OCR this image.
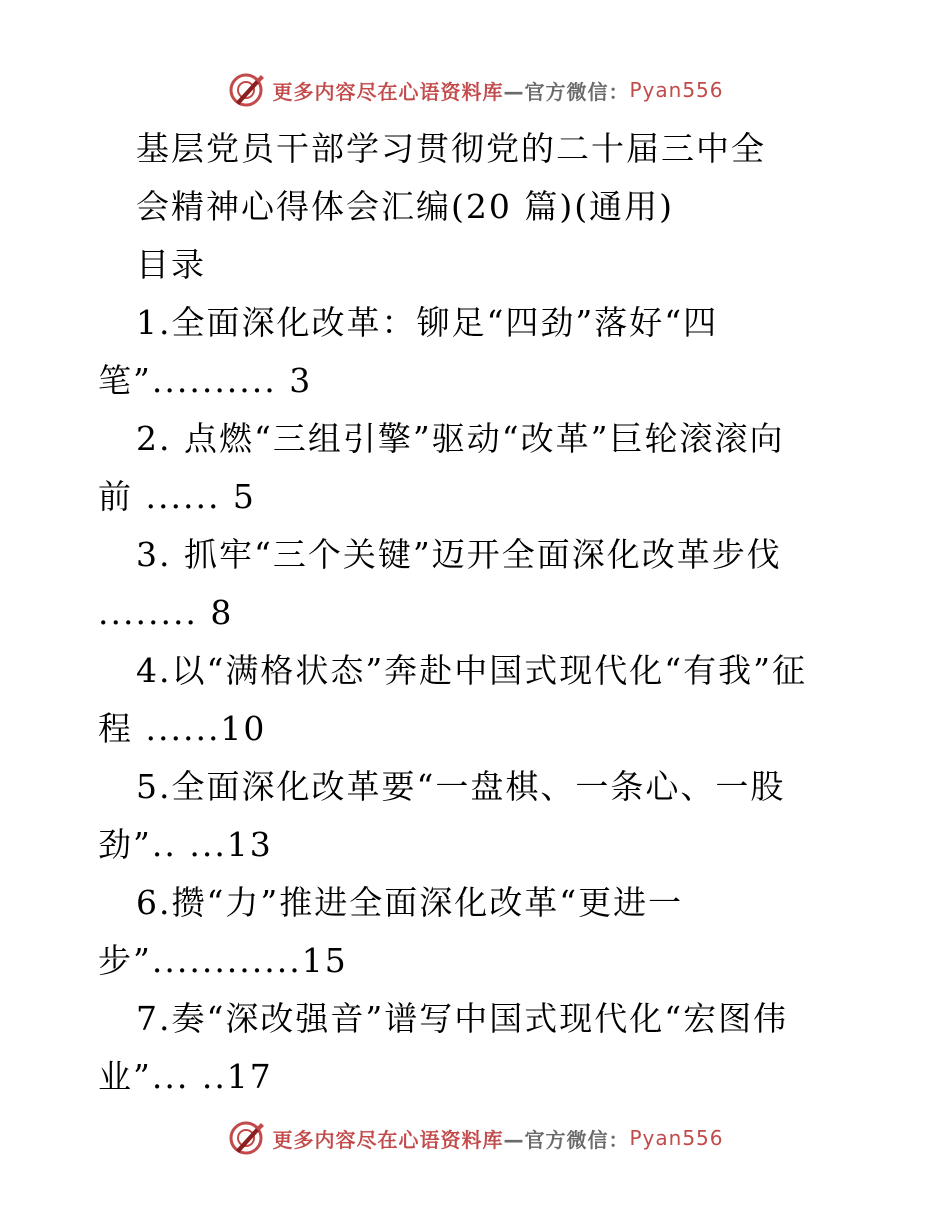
更多内容尽在心语资料库 —官方微信： Pyan556
基层党员干部学习贯彻党的二十届三中全
会精神心得体会汇编(20 篇)(通用)
目录
1.全面深化改革：铆足“四劲”落好“四
笔”.......... 3
2. 点燃“三组引擎”驱动“改革”巨轮滚滚向
前 ...... 5
3. 抓牢“三个关键”迈开全面深化改革步伐
........ 8
4.以“满格状态”奔赴中国式现代化“有我”征
程 ......10
5.全面深化改革要“一盘棋、一条心、一股
劲”.. ...13
6.攒“力”推进全面深化改革“更进一
步”............15
7.奏“深改强音”谱写中国式现代化“宏图伟
业”... ..17
更多内容尽在心语资料库 —官方微信： Pyan556
